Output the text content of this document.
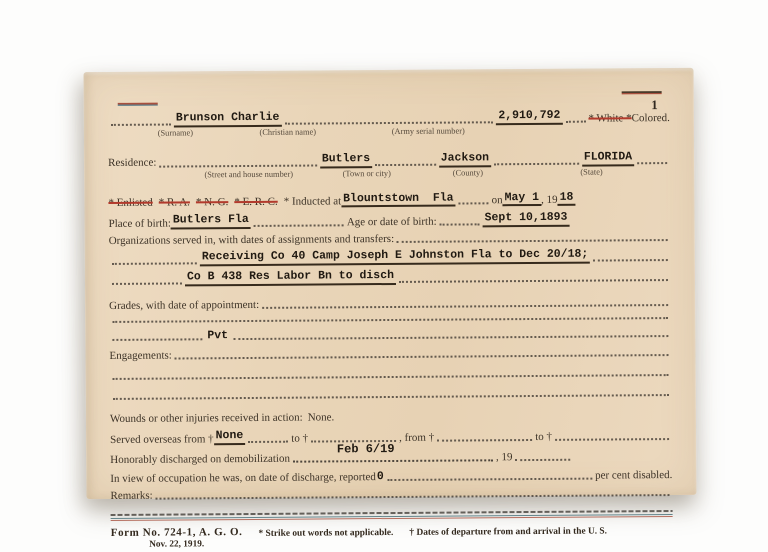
1
Brunson Charlie	2,910,792	* White * Colored.
(Surname)	(Christian name)	(Army serial number)
Residence:	Butlers	Jackson	FLORIDA
(Street and house number)	(Town or city)	(County)	(State)
* Enlisted * R. A. * N. G. * E. R. C. * Inducted at Blountstown  Fla	on May 1 , 19 18
Place of birth: Butlers Fla	Age or date of birth:	Sept 10,1893
Organizations served in, with dates of assignments and transfers:
Receiving Co 40 Camp Joseph E Johnston Fla to Dec 20/18;
Co B 438 Res Labor Bn to disch
Grades, with date of appointment:
Pvt
Engagements:
Wounds or other injuries received in action: None.
Served overseas from † None	to †	, from †	to †
Honorably discharged on demobilization
Feb 6/19
, 19
In view of occupation he was, on date of discharge, reported 0	per cent disabled.
Remarks:
Form No. 724-1, A. G. O.
Nov. 22, 1919.
* Strike out words not applicable. † Dates of departure from and arrival in the U. S.
